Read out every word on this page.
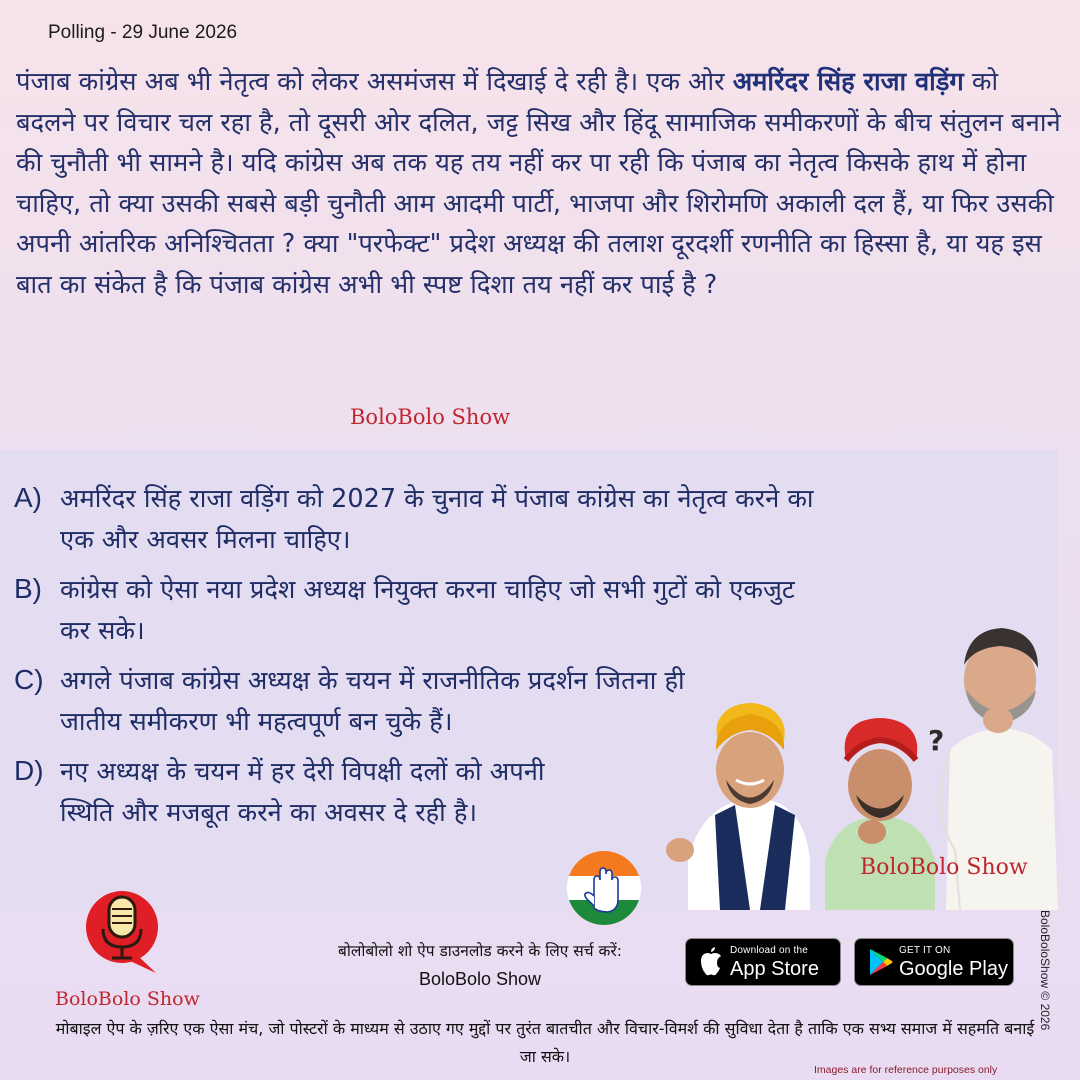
Polling - 29 June 2026
पंजाब कांग्रेस अब भी नेतृत्व को लेकर असमंजस में दिखाई दे रही है। एक ओर अमरिंदर सिंह राजा वड़िंग को बदलने पर विचार चल रहा है, तो दूसरी ओर दलित, जट्ट सिख और हिंदू सामाजिक समीकरणों के बीच संतुलन बनाने की चुनौती भी सामने है। यदि कांग्रेस अब तक यह तय नहीं कर पा रही कि पंजाब का नेतृत्व किसके हाथ में होना चाहिए, तो क्या उसकी सबसे बड़ी चुनौती आम आदमी पार्टी, भाजपा और शिरोमणि अकाली दल हैं, या फिर उसकी अपनी आंतरिक अनिश्चितता ? क्या "परफेक्ट" प्रदेश अध्यक्ष की तलाश दूरदर्शी रणनीति का हिस्सा है, या यह इस बात का संकेत है कि पंजाब कांग्रेस अभी भी स्पष्ट दिशा तय नहीं कर पाई है ?
BoloBolo Show
A) अमरिंदर सिंह राजा वड़िंग को 2027 के चुनाव में पंजाब कांग्रेस का नेतृत्व करने का
एक और अवसर मिलना चाहिए।
B) कांग्रेस को ऐसा नया प्रदेश अध्यक्ष नियुक्त करना चाहिए जो सभी गुटों को एकजुट
कर सके।
C) अगले पंजाब कांग्रेस अध्यक्ष के चयन में राजनीतिक प्रदर्शन जितना ही
जातीय समीकरण भी महत्वपूर्ण बन चुके हैं।
D) नए अध्यक्ष के चयन में हर देरी विपक्षी दलों को अपनी
स्थिति और मजबूत करने का अवसर दे रही है।
?
BoloBolo Show
BoloBolo Show
बोलोबोलो शो ऐप डाउनलोड करने के लिए सर्च करें:
BoloBolo Show
Download on the
App Store
GET IT ON
Google Play
मोबाइल ऐप के ज़रिए एक ऐसा मंच, जो पोस्टरों के माध्यम से उठाए गए मुद्दों पर तुरंत बातचीत और विचार-विमर्श की सुविधा देता है ताकि एक सभ्य समाज में सहमति बनाई जा सके।
Images are for reference purposes only
BoloBoloShow © 2026
